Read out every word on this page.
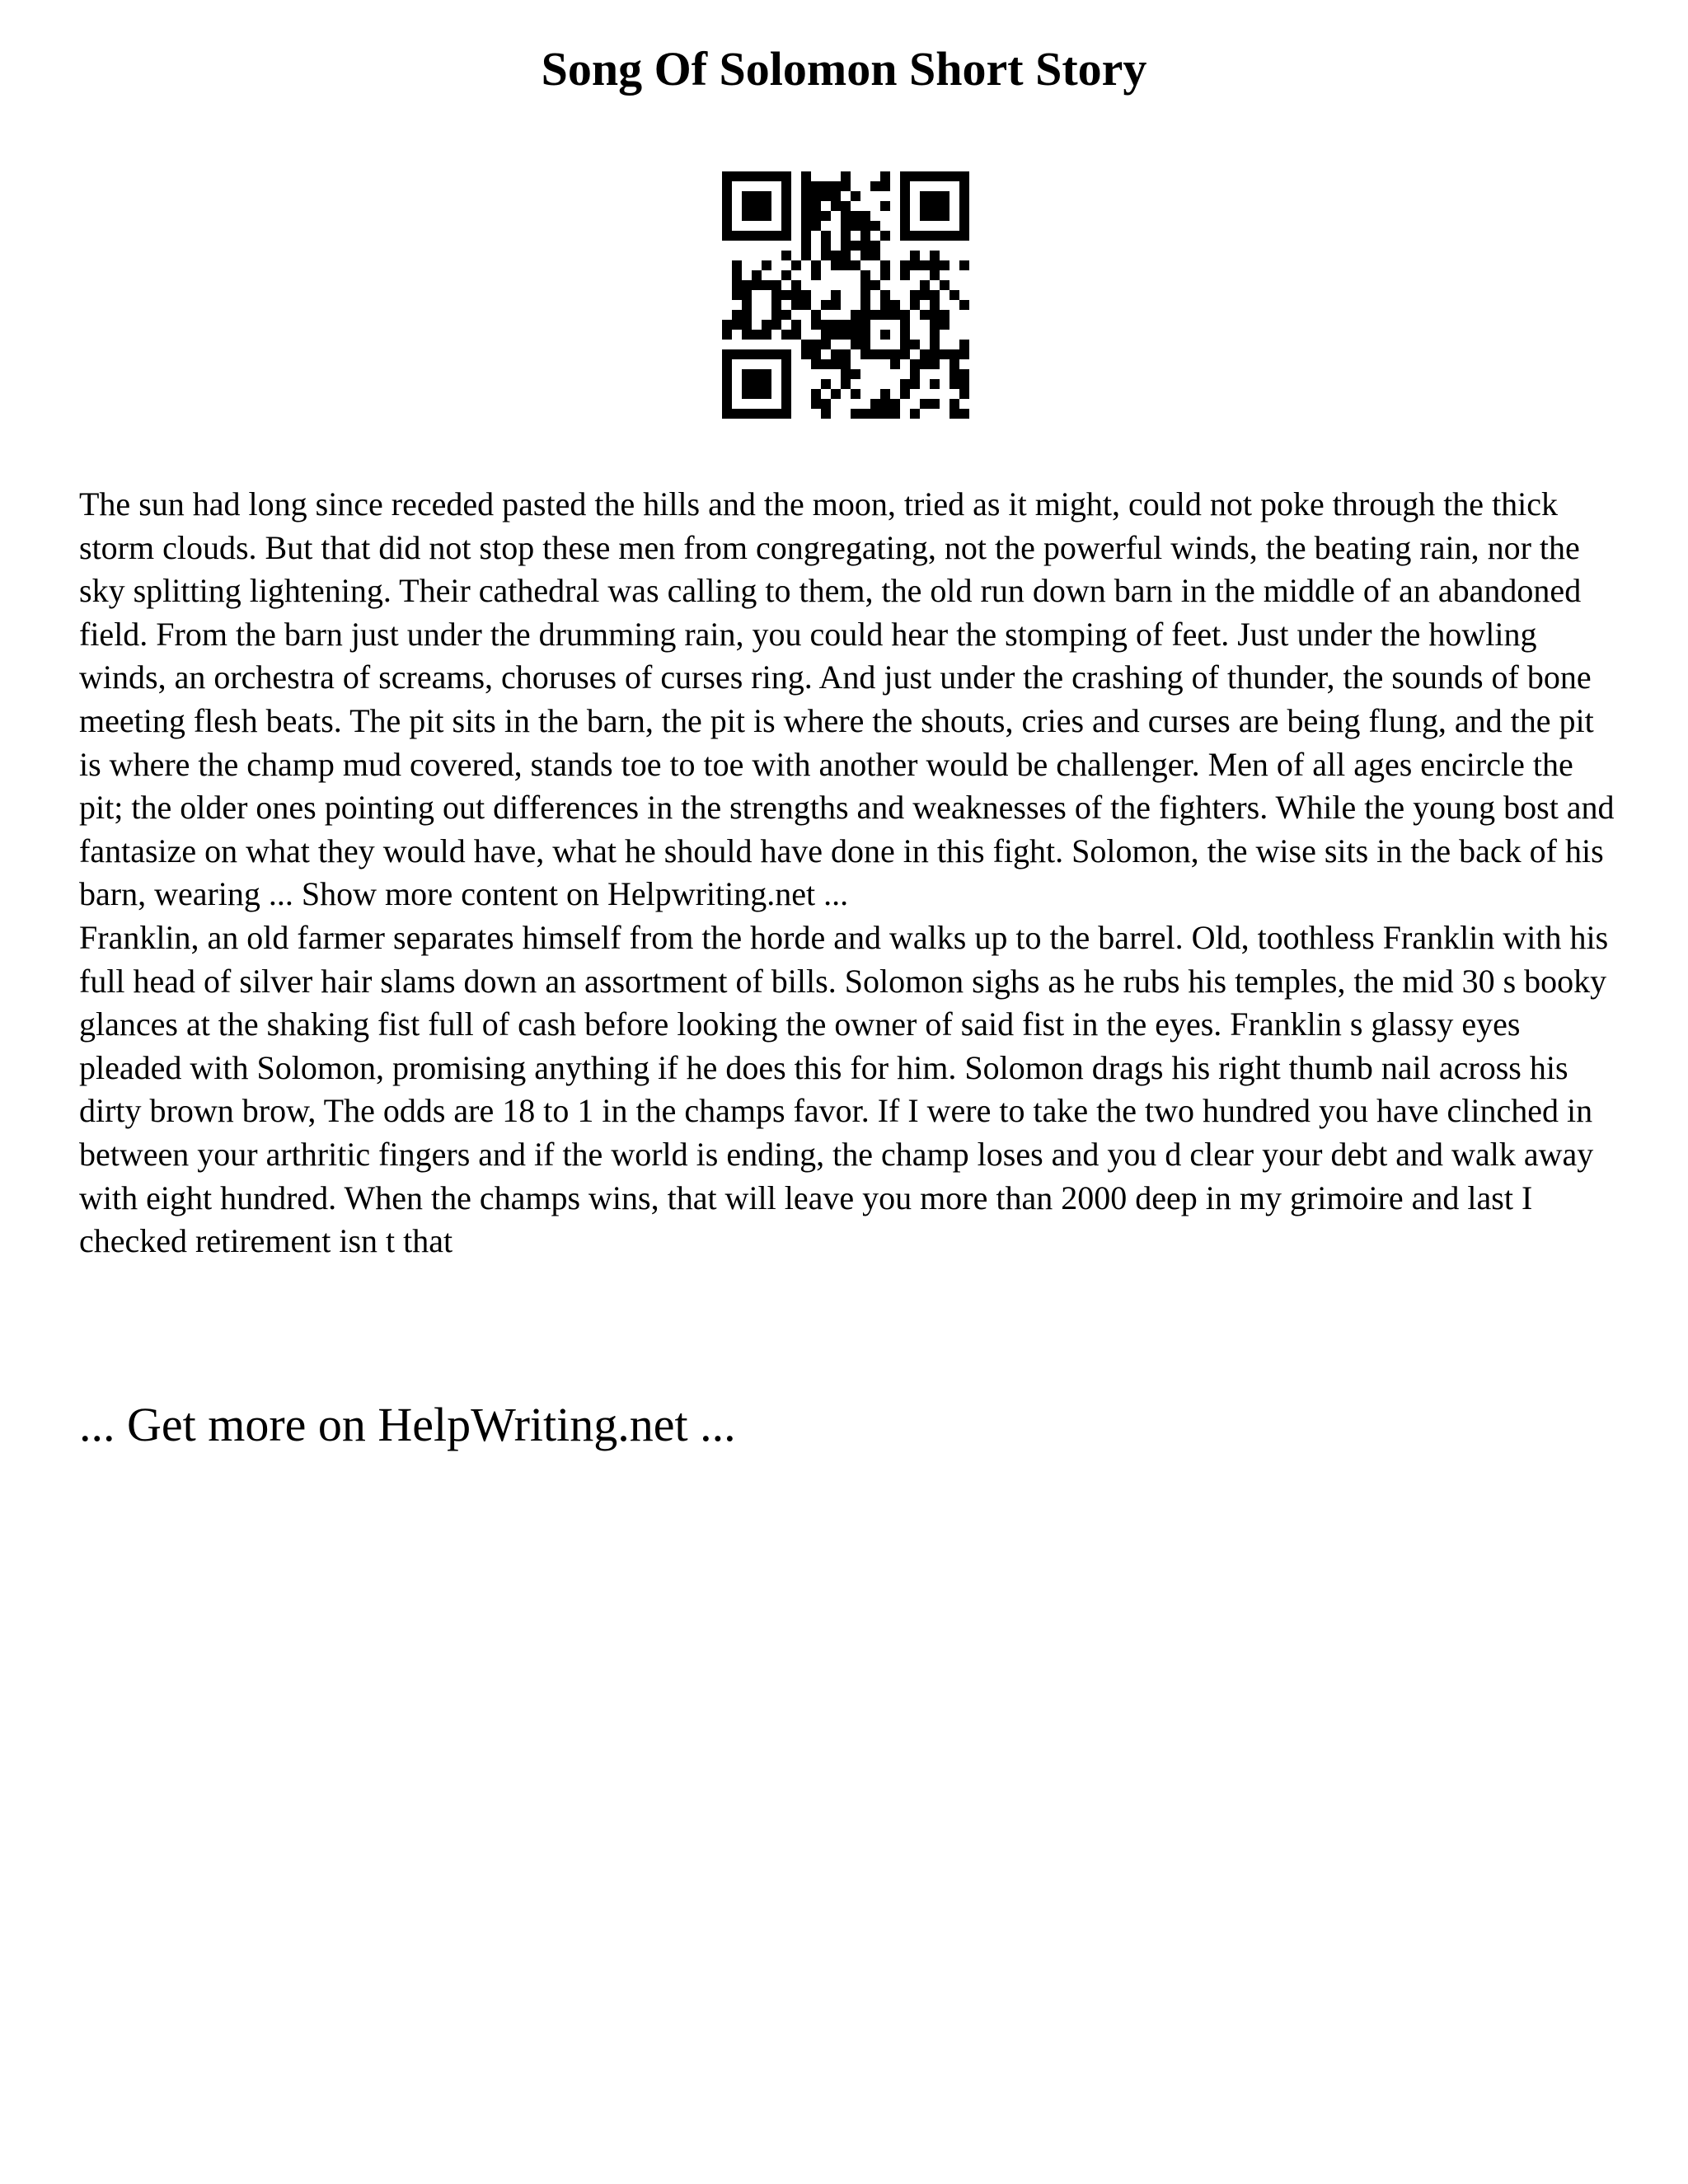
Song Of Solomon Short Story

The sun had long since receded pasted the hills and the moon, tried as it might, could not poke through the thick storm clouds. But that did not stop these men from congregating, not the powerful winds, the beating rain, nor the sky splitting lightening. Their cathedral was calling to them, the old run down barn in the middle of an abandoned field. From the barn just under the drumming rain, you could hear the stomping of feet. Just under the howling winds, an orchestra of screams, choruses of curses ring. And just under the crashing of thunder, the sounds of bone meeting flesh beats. The pit sits in the barn, the pit is where the shouts, cries and curses are being flung, and the pit is where the champ mud covered, stands toe to toe with another would be challenger. Men of all ages encircle the pit; the older ones pointing out differences in the strengths and weaknesses of the fighters. While the young bost and fantasize on what they would have, what he should have done in this fight. Solomon, the wise sits in the back of his barn, wearing ... Show more content on Helpwriting.net ...

Franklin, an old farmer separates himself from the horde and walks up to the barrel. Old, toothless Franklin with his full head of silver hair slams down an assortment of bills. Solomon sighs as he rubs his temples, the mid 30 s booky glances at the shaking fist full of cash before looking the owner of said fist in the eyes. Franklin s glassy eyes pleaded with Solomon, promising anything if he does this for him. Solomon drags his right thumb nail across his dirty brown brow, The odds are 18 to 1 in the champs favor. If I were to take the two hundred you have clinched in between your arthritic fingers and if the world is ending, the champ loses and you d clear your debt and walk away with eight hundred. When the champs wins, that will leave you more than 2000 deep in my grimoire and last I checked retirement isn t that

... Get more on HelpWriting.net ...
